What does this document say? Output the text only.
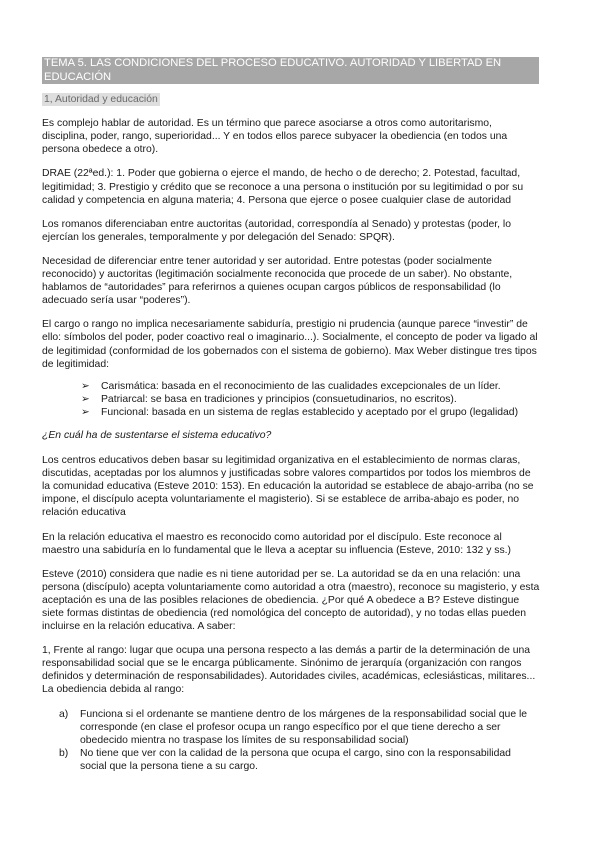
TEMA 5. LAS CONDICIONES DEL PROCESO EDUCATIVO. AUTORIDAD Y LIBERTAD EN EDUCACIÓN
1, Autoridad y educación

Es complejo hablar de autoridad. Es un término que parece asociarse a otros como autoritarismo, disciplina, poder, rango, superioridad... Y en todos ellos parece subyacer la obediencia (en todos una persona obedece a otro).

DRAE (22ªed.): 1. Poder que gobierna o ejerce el mando, de hecho o de derecho; 2. Potestad, facultad, legitimidad; 3. Prestigio y crédito que se reconoce a una persona o institución por su legitimidad o por su calidad y competencia en alguna materia; 4. Persona que ejerce o posee cualquier clase de autoridad

Los romanos diferenciaban entre auctoritas (autoridad, correspondía al Senado) y protestas (poder, lo ejercían los generales, temporalmente y por delegación del Senado: SPQR).

Necesidad de diferenciar entre tener autoridad y ser autoridad. Entre potestas (poder socialmente reconocido) y auctoritas (legitimación socialmente reconocida que procede de un saber). No obstante, hablamos de “autoridades” para referirnos a quienes ocupan cargos públicos de responsabilidad (lo adecuado sería usar “poderes”).

El cargo o rango no implica necesariamente sabiduría, prestigio ni prudencia (aunque parece “investir” de ello: símbolos del poder, poder coactivo real o imaginario...). Socialmente, el concepto de poder va ligado al de legitimidad (conformidad de los gobernados con el sistema de gobierno). Max Weber distingue tres tipos de legitimidad:

➢ Carismática: basada en el reconocimiento de las cualidades excepcionales de un líder.
➢ Patriarcal: se basa en tradiciones y principios (consuetudinarios, no escritos).
➢ Funcional: basada en un sistema de reglas establecido y aceptado por el grupo (legalidad)

¿En cuál ha de sustentarse el sistema educativo?

Los centros educativos deben basar su legitimidad organizativa en el establecimiento de normas claras, discutidas, aceptadas por los alumnos y justificadas sobre valores compartidos por todos los miembros de la comunidad educativa (Esteve 2010: 153). En educación la autoridad se establece de abajo-arriba (no se impone, el discípulo acepta voluntariamente el magisterio). Si se establece de arriba-abajo es poder, no relación educativa

En la relación educativa el maestro es reconocido como autoridad por el discípulo. Este reconoce al maestro una sabiduría en lo fundamental que le lleva a aceptar su influencia (Esteve, 2010: 132 y ss.)

Esteve (2010) considera que nadie es ni tiene autoridad per se. La autoridad se da en una relación: una persona (discípulo) acepta voluntariamente como autoridad a otra (maestro), reconoce su magisterio, y esta aceptación es una de las posibles relaciones de obediencia. ¿Por qué A obedece a B? Esteve distingue siete formas distintas de obediencia (red nomológica del concepto de autoridad), y no todas ellas pueden incluirse en la relación educativa. A saber:

1, Frente al rango: lugar que ocupa una persona respecto a las demás a partir de la determinación de una responsabilidad social que se le encarga públicamente. Sinónimo de jerarquía (organización con rangos definidos y determinación de responsabilidades). Autoridades civiles, académicas, eclesiásticas, militares... La obediencia debida al rango:

a) Funciona si el ordenante se mantiene dentro de los márgenes de la responsabilidad social que le corresponde (en clase el profesor ocupa un rango específico por el que tiene derecho a ser obedecido mientra no traspase los límites de su responsabilidad social)
b) No tiene que ver con la calidad de la persona que ocupa el cargo, sino con la responsabilidad social que la persona tiene a su cargo.
